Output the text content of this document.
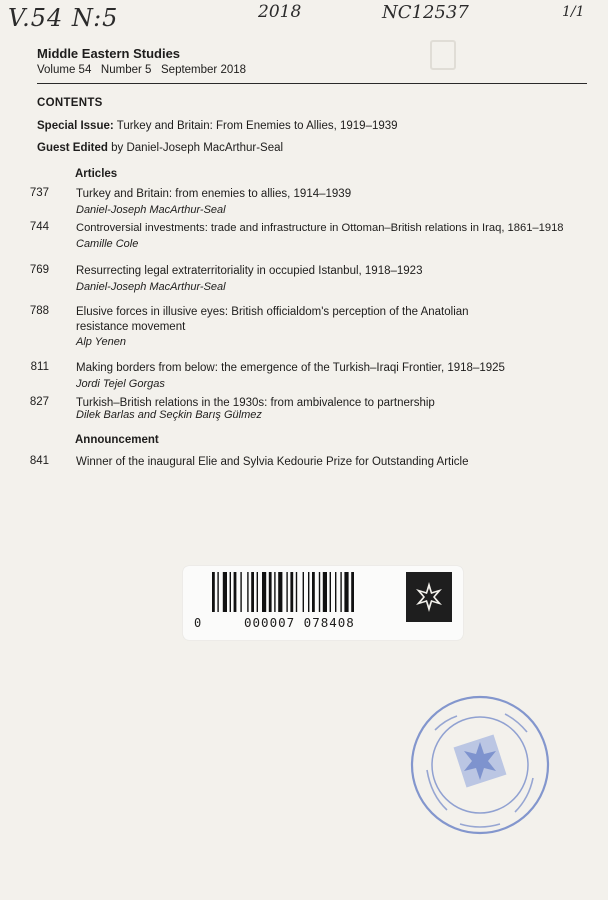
V.54 N:5	2018	NC12537	1/1
Middle Eastern Studies
Volume 54   Number 5   September 2018
CONTENTS
Special Issue: Turkey and Britain: From Enemies to Allies, 1919–1939
Guest Edited by Daniel-Joseph MacArthur-Seal
Articles
737 Turkey and Britain: from enemies to allies, 1914–1939
Daniel-Joseph MacArthur-Seal
744 Controversial investments: trade and infrastructure in Ottoman–British relations in Iraq, 1861–1918
Camille Cole
769 Resurrecting legal extraterritoriality in occupied Istanbul, 1918–1923
Daniel-Joseph MacArthur-Seal
788 Elusive forces in illusive eyes: British officialdom's perception of the Anatolian resistance movement
Alp Yenen
811 Making borders from below: the emergence of the Turkish–Iraqi Frontier, 1918–1925
Jordi Tejel Gorgas
827 Turkish–British relations in the 1930s: from ambivalence to partnership
Dilek Barlas and Seçkin Barış Gülmez
Announcement
841 Winner of the inaugural Elie and Sylvia Kedourie Prize for Outstanding Article
0	000007 078408
